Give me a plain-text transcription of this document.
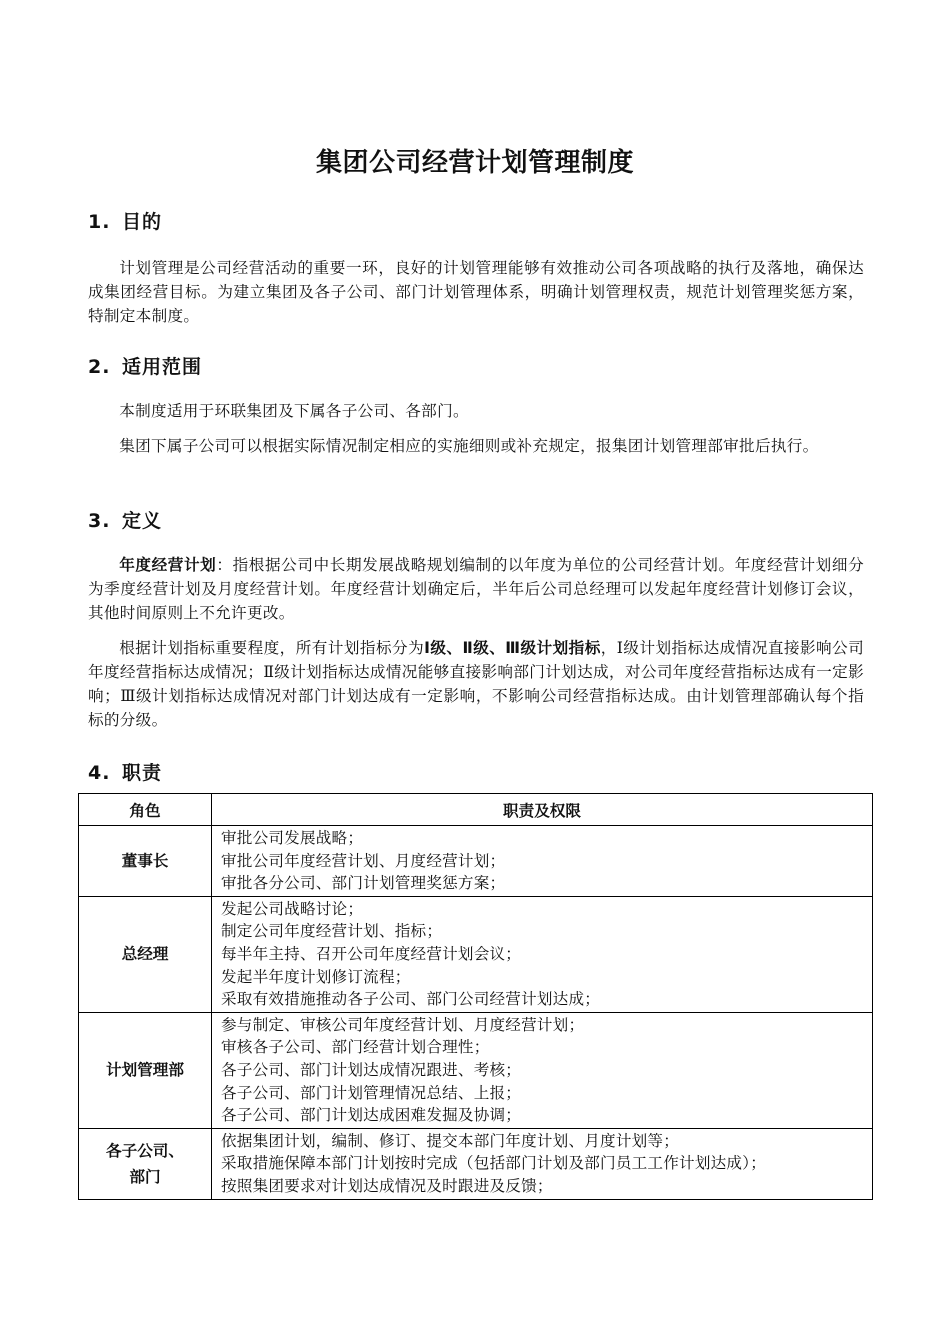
集团公司经营计划管理制度
1. 目的
计划管理是公司经营活动的重要一环，良好的计划管理能够有效推动公司各项战略的执行及落地，确保达成集团经营目标。为建立集团及各子公司、部门计划管理体系，明确计划管理权责，规范计划管理奖惩方案，特制定本制度。
2. 适用范围
本制度适用于环联集团及下属各子公司、各部门。
集团下属子公司可以根据实际情况制定相应的实施细则或补充规定，报集团计划管理部审批后执行。
3. 定义
年度经营计划：指根据公司中长期发展战略规划编制的以年度为单位的公司经营计划。年度经营计划细分为季度经营计划及月度经营计划。年度经营计划确定后，半年后公司总经理可以发起年度经营计划修订会议，其他时间原则上不允许更改。
根据计划指标重要程度，所有计划指标分为Ⅰ级、Ⅱ级、Ⅲ级计划指标，Ⅰ级计划指标达成情况直接影响公司年度经营指标达成情况；Ⅱ级计划指标达成情况能够直接影响部门计划达成，对公司年度经营指标达成有一定影响；Ⅲ级计划指标达成情况对部门计划达成有一定影响，不影响公司经营指标达成。由计划管理部确认每个指标的分级。
4. 职责
角色	职责及权限
董事长	审批公司发展战略；
审批公司年度经营计划、月度经营计划；
审批各分公司、部门计划管理奖惩方案；

总经理	发起公司战略讨论；
制定公司年度经营计划、指标；
每半年主持、召开公司年度经营计划会议；
发起半年度计划修订流程；
采取有效措施推动各子公司、部门公司经营计划达成；

计划管理部	参与制定、审核公司年度经营计划、月度经营计划；
审核各子公司、部门经营计划合理性；
各子公司、部门计划达成情况跟进、考核；
各子公司、部门计划管理情况总结、上报；
各子公司、部门计划达成困难发掘及协调；

各子公司、
部门	依据集团计划，编制、修订、提交本部门年度计划、月度计划等；
采取措施保障本部门计划按时完成（包括部门计划及部门员工工作计划达成）；
按照集团要求对计划达成情况及时跟进及反馈；
